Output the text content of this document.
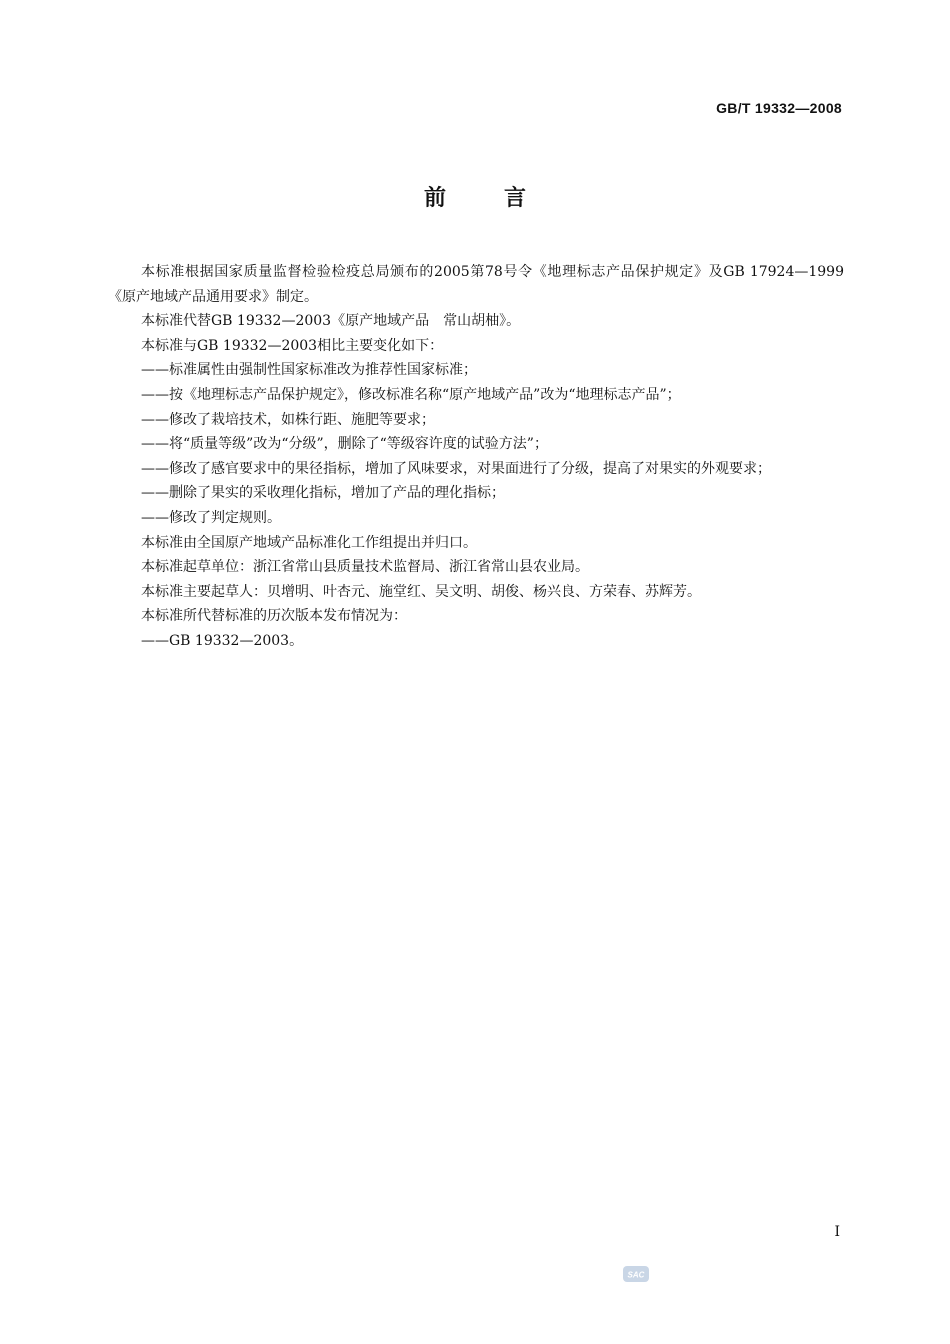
GB/T 19332—2008
前言

本标准根据国家质量监督检验检疫总局颁布的2005第78号令《地理标志产品保护规定》及GB 17924—1999《原产地域产品通用要求》制定。

本标准代替GB 19332—2003《原产地域产品　常山胡柚》。

本标准与GB 19332—2003相比主要变化如下：

——标准属性由强制性国家标准改为推荐性国家标准；

——按《地理标志产品保护规定》，修改标准名称“原产地域产品”改为“地理标志产品”；

——修改了栽培技术，如株行距、施肥等要求；

——将“质量等级”改为“分级”，删除了“等级容许度的试验方法”；

——修改了感官要求中的果径指标，增加了风味要求，对果面进行了分级，提高了对果实的外观要求；

——删除了果实的采收理化指标，增加了产品的理化指标；

——修改了判定规则。

本标准由全国原产地域产品标准化工作组提出并归口。

本标准起草单位：浙江省常山县质量技术监督局、浙江省常山县农业局。

本标准主要起草人：贝增明、叶杏元、施堂红、吴文明、胡俊、杨兴良、方荣春、苏辉芳。

本标准所代替标准的历次版本发布情况为：

——GB 19332—2003。

I
SAC
